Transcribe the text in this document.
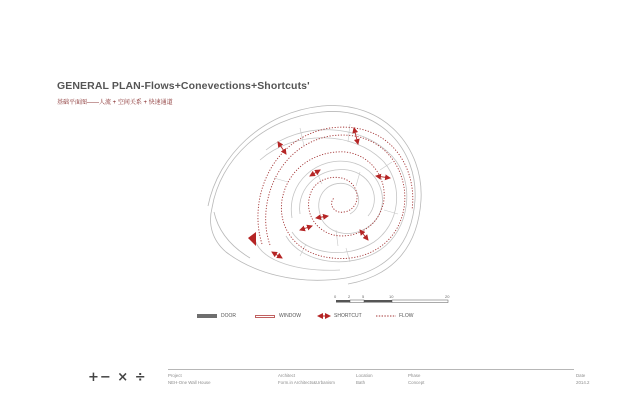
GENERAL PLAN-Flows+Conevections+Shortcuts'
基础平面图——人流 + 空间关系 + 快速通道
0	2	5	10	20
DOOR	WINDOW	SHORTCUT	FLOW
+− × ÷	Project
NEH-One Wall House
Architect
Form.in Architects&Urbanism
Location
Bath
Phase
Concept
Date
2014.2
